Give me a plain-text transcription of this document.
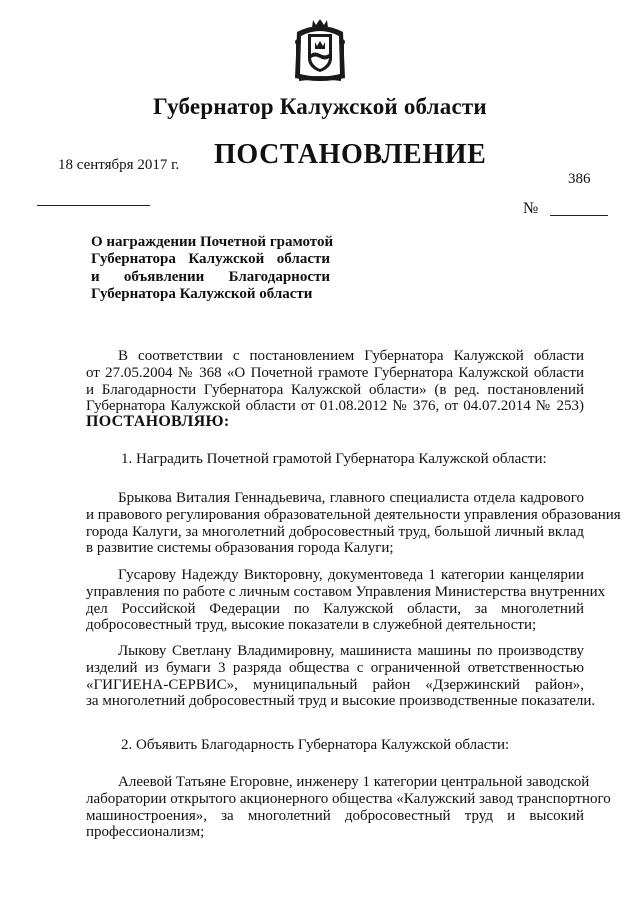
Губернатор Калужской области
18 сентября 2017 г. ПОСТАНОВЛЕНИЕ
386
№
О награждении Почетной грамотой
Губернатора Калужской области
и объявлении Благодарности
Губернатора Калужской области
В соответствии с постановлением Губернатора Калужской области
от 27.05.2004 № 368 «О Почетной грамоте Губернатора Калужской области
и Благодарности Губернатора Калужской области» (в ред. постановлений
Губернатора Калужской области от 01.08.2012 № 376, от 04.07.2014 № 253)
ПОСТАНОВЛЯЮ:
1. Наградить Почетной грамотой Губернатора Калужской области:
Брыкова Виталия Геннадьевича, главного специалиста отдела кадрового
и правового регулирования образовательной деятельности управления образования
города Калуги, за многолетний добросовестный труд, большой личный вклад
в развитие системы образования города Калуги;
Гусарову Надежду Викторовну, документоведа 1 категории канцелярии
управления по работе с личным составом Управления Министерства внутренних
дел Российской Федерации по Калужской области, за многолетний
добросовестный труд, высокие показатели в служебной деятельности;
Лыкову Светлану Владимировну, машиниста машины по производству
изделий из бумаги 3 разряда общества с ограниченной ответственностью
«ГИГИЕНА-СЕРВИС», муниципальный район «Дзержинский район»,
за многолетний добросовестный труд и высокие производственные показатели.
2. Объявить Благодарность Губернатора Калужской области:
Алеевой Татьяне Егоровне, инженеру 1 категории центральной заводской
лаборатории открытого акционерного общества «Калужский завод транспортного
машиностроения», за многолетний добросовестный труд и высокий
профессионализм;
